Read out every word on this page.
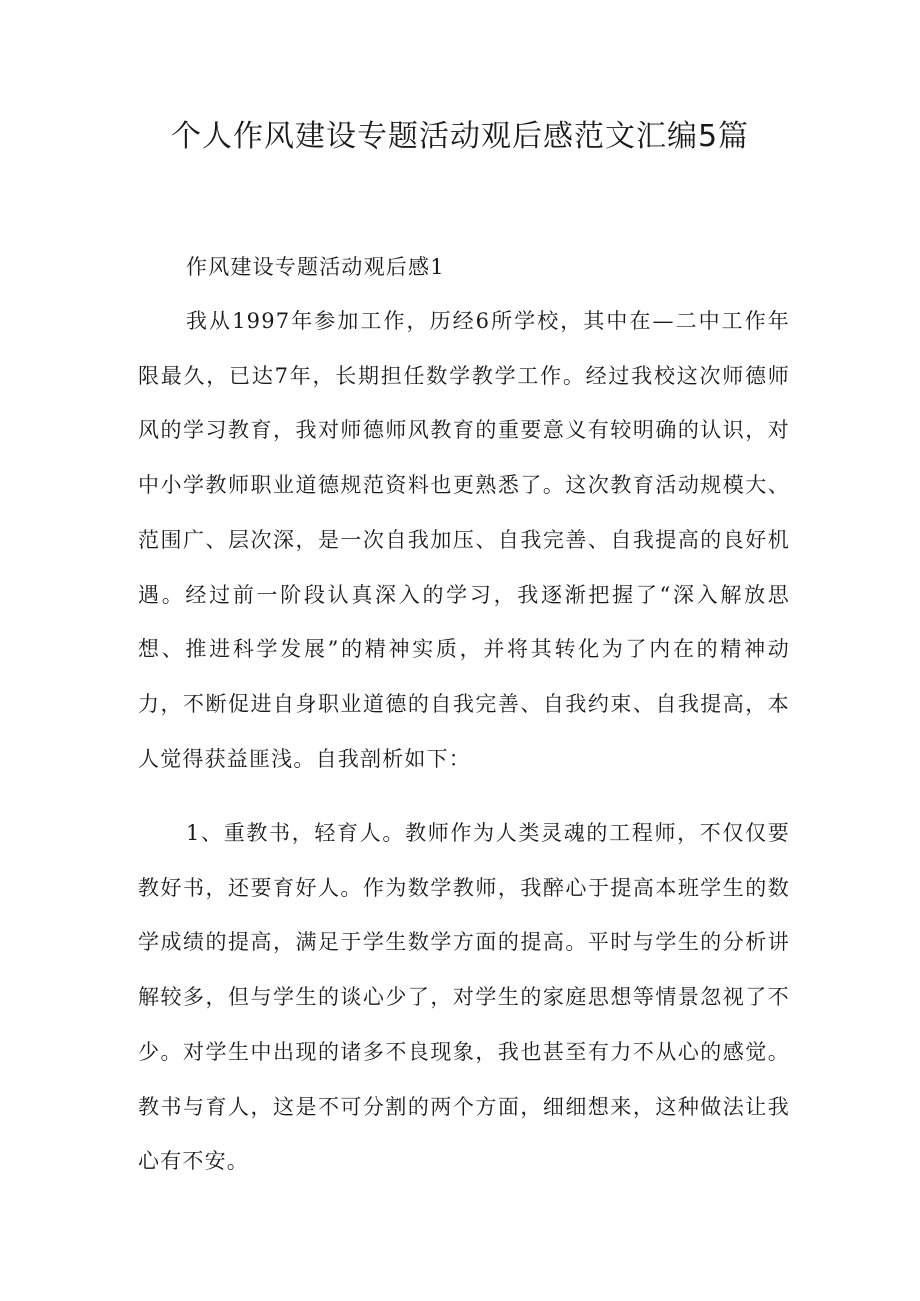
个人作风建设专题活动观后感范文汇编5篇

作风建设专题活动观后感1

我从1997年参加工作，历经6所学校，其中在—二中工作年限最久，已达7年，长期担任数学教学工作。经过我校这次师德师风的学习教育，我对师德师风教育的重要意义有较明确的认识，对中小学教师职业道德规范资料也更熟悉了。这次教育活动规模大、范围广、层次深，是一次自我加压、自我完善、自我提高的良好机遇。经过前一阶段认真深入的学习，我逐渐把握了“深入解放思想、推进科学发展”的精神实质，并将其转化为了内在的精神动力，不断促进自身职业道德的自我完善、自我约束、自我提高，本人觉得获益匪浅。自我剖析如下：

1、重教书，轻育人。教师作为人类灵魂的工程师，不仅仅要教好书，还要育好人。作为数学教师，我醉心于提高本班学生的数学成绩的提高，满足于学生数学方面的提高。平时与学生的分析讲解较多，但与学生的谈心少了，对学生的家庭思想等情景忽视了不少。对学生中出现的诸多不良现象，我也甚至有力不从心的感觉。教书与育人，这是不可分割的两个方面，细细想来，这种做法让我心有不安。
